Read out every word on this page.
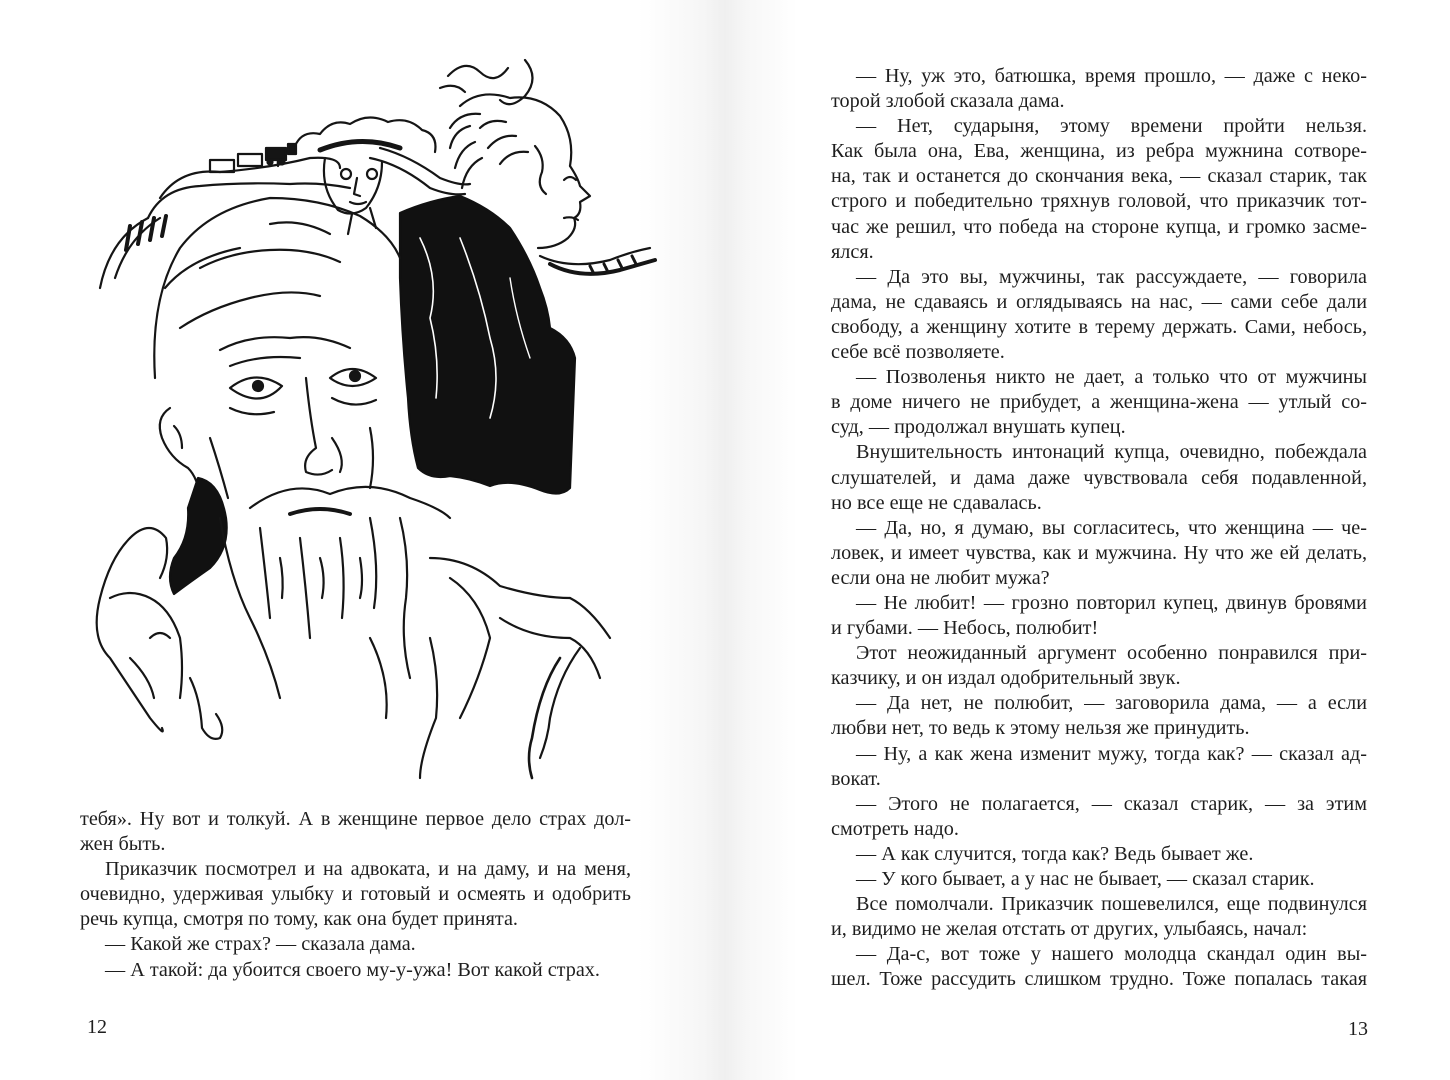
тебя». Ну вот и толкуй. А в женщине первое дело страх дол-
жен быть.
Приказчик посмотрел и на адвоката, и на даму, и на меня,
очевидно, удерживая улыбку и готовый и осмеять и одобрить
речь купца, смотря по тому, как она будет принята.
— Какой же страх? — сказала дама.
— А такой: да убоится своего му-у-ужа! Вот какой страх.
12
— Ну, уж это, батюшка, время прошло, — даже с неко-
торой злобой сказала дама.
— Нет, сударыня, этому времени пройти нельзя.
Как была она, Ева, женщина, из ребра мужнина сотворе-
на, так и останется до скончания века, — сказал старик, так
строго и победительно тряхнув головой, что приказчик тот-
час же решил, что победа на стороне купца, и громко засме-
ялся.
— Да это вы, мужчины, так рассуждаете, — говорила
дама, не сдаваясь и оглядываясь на нас, — сами себе дали
свободу, а женщину хотите в терему держать. Сами, небось,
себе всё позволяете.
— Позволенья никто не дает, а только что от мужчины
в доме ничего не прибудет, а женщина-жена — утлый со-
суд, — продолжал внушать купец.
Внушительность интонаций купца, очевидно, побеждала
слушателей, и дама даже чувствовала себя подавленной,
но все еще не сдавалась.
— Да, но, я думаю, вы согласитесь, что женщина — че-
ловек, и имеет чувства, как и мужчина. Ну что же ей делать,
если она не любит мужа?
— Не любит! — грозно повторил купец, двинув бровями
и губами. — Небось, полюбит!
Этот неожиданный аргумент особенно понравился при-
казчику, и он издал одобрительный звук.
— Да нет, не полюбит, — заговорила дама, — а если
любви нет, то ведь к этому нельзя же принудить.
— Ну, а как жена изменит мужу, тогда как? — сказал ад-
вокат.
— Этого не полагается, — сказал старик, — за этим
смотреть надо.
— А как случится, тогда как? Ведь бывает же.
— У кого бывает, а у нас не бывает, — сказал старик.
Все помолчали. Приказчик пошевелился, еще подвинулся
и, видимо не желая отстать от других, улыбаясь, начал:
— Да-с, вот тоже у нашего молодца скандал один вы-
шел. Тоже рассудить слишком трудно. Тоже попалась такая
13
